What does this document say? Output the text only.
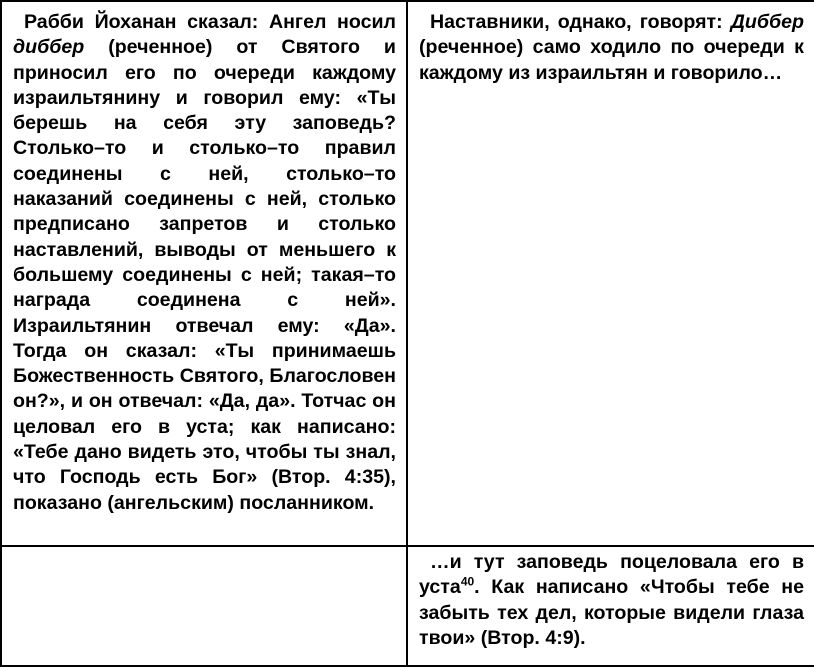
Рабби Йоханан сказал: Ангел носил диббер (реченное) от Святого и приносил его по очереди каждому израильтянину и говорил ему: «Ты берешь на себя эту заповедь? Столько–то и столько–то правил соединены с ней, столько–то наказаний соединены с ней, столько предписано запретов и столько наставлений, выводы от меньшего к большему соединены с ней; такая–то награда соединена с ней». Израильтянин отвечал ему: «Да». Тогда он сказал: «Ты принимаешь Божественность Святого, Благословен он?», и он отвечал: «Да, да». Тотчас он целовал его в уста; как написано: «Тебе дано видеть это, чтобы ты знал, что Господь есть Бог» (Втор. 4:35), показано (ангельским) посланником.	Наставники, однако, говорят: Диббер (реченное) само ходило по очереди к каждому из израильтян и говорило…

	…и тут заповедь поцеловала его в уста$^{40}$. Как написано «Чтобы тебе не забыть тех дел, которые видели глаза твои» (Втор. 4:9).
